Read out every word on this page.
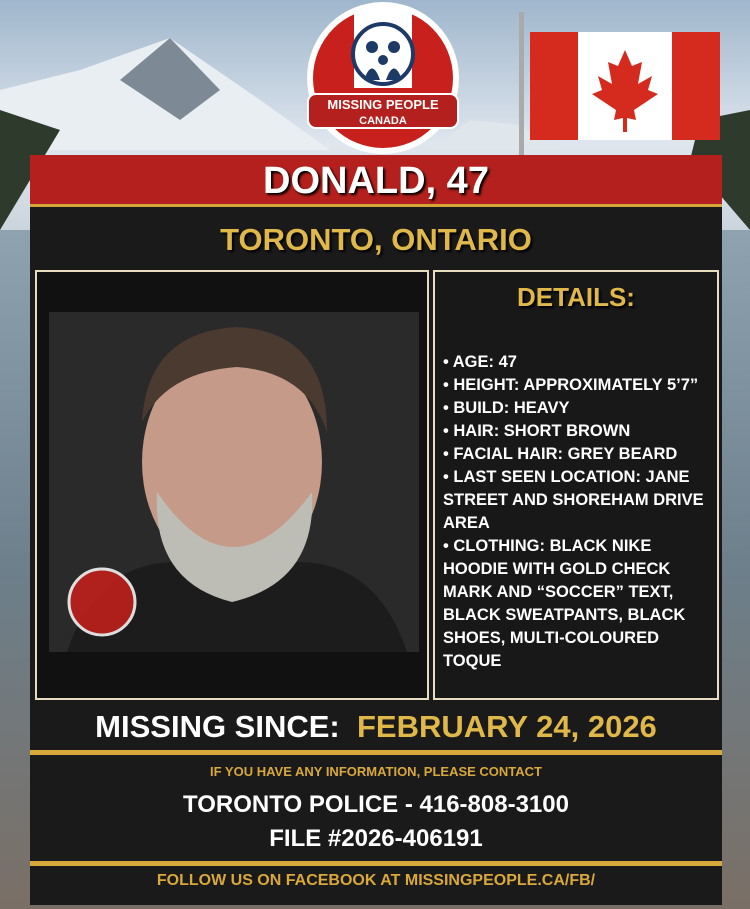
MISSING PEOPLE
CANADA
DONALD, 47
TORONTO, ONTARIO
DETAILS:

• AGE: 47

• HEIGHT: APPROXIMATELY 5’7”

• BUILD: HEAVY

• HAIR: SHORT BROWN

• FACIAL HAIR: GREY BEARD

• LAST SEEN LOCATION: JANE STREET AND SHOREHAM DRIVE AREA

• CLOTHING: BLACK NIKE HOODIE WITH GOLD CHECK MARK AND “SOCCER” TEXT, BLACK SWEATPANTS, BLACK SHOES, MULTI-COLOURED TOQUE

MISSING SINCE: FEBRUARY 24, 2026
IF YOU HAVE ANY INFORMATION, PLEASE CONTACT
TORONTO POLICE - 416-808-3100
FILE #2026-406191
FOLLOW US ON FACEBOOK AT MISSINGPEOPLE.CA/FB/
